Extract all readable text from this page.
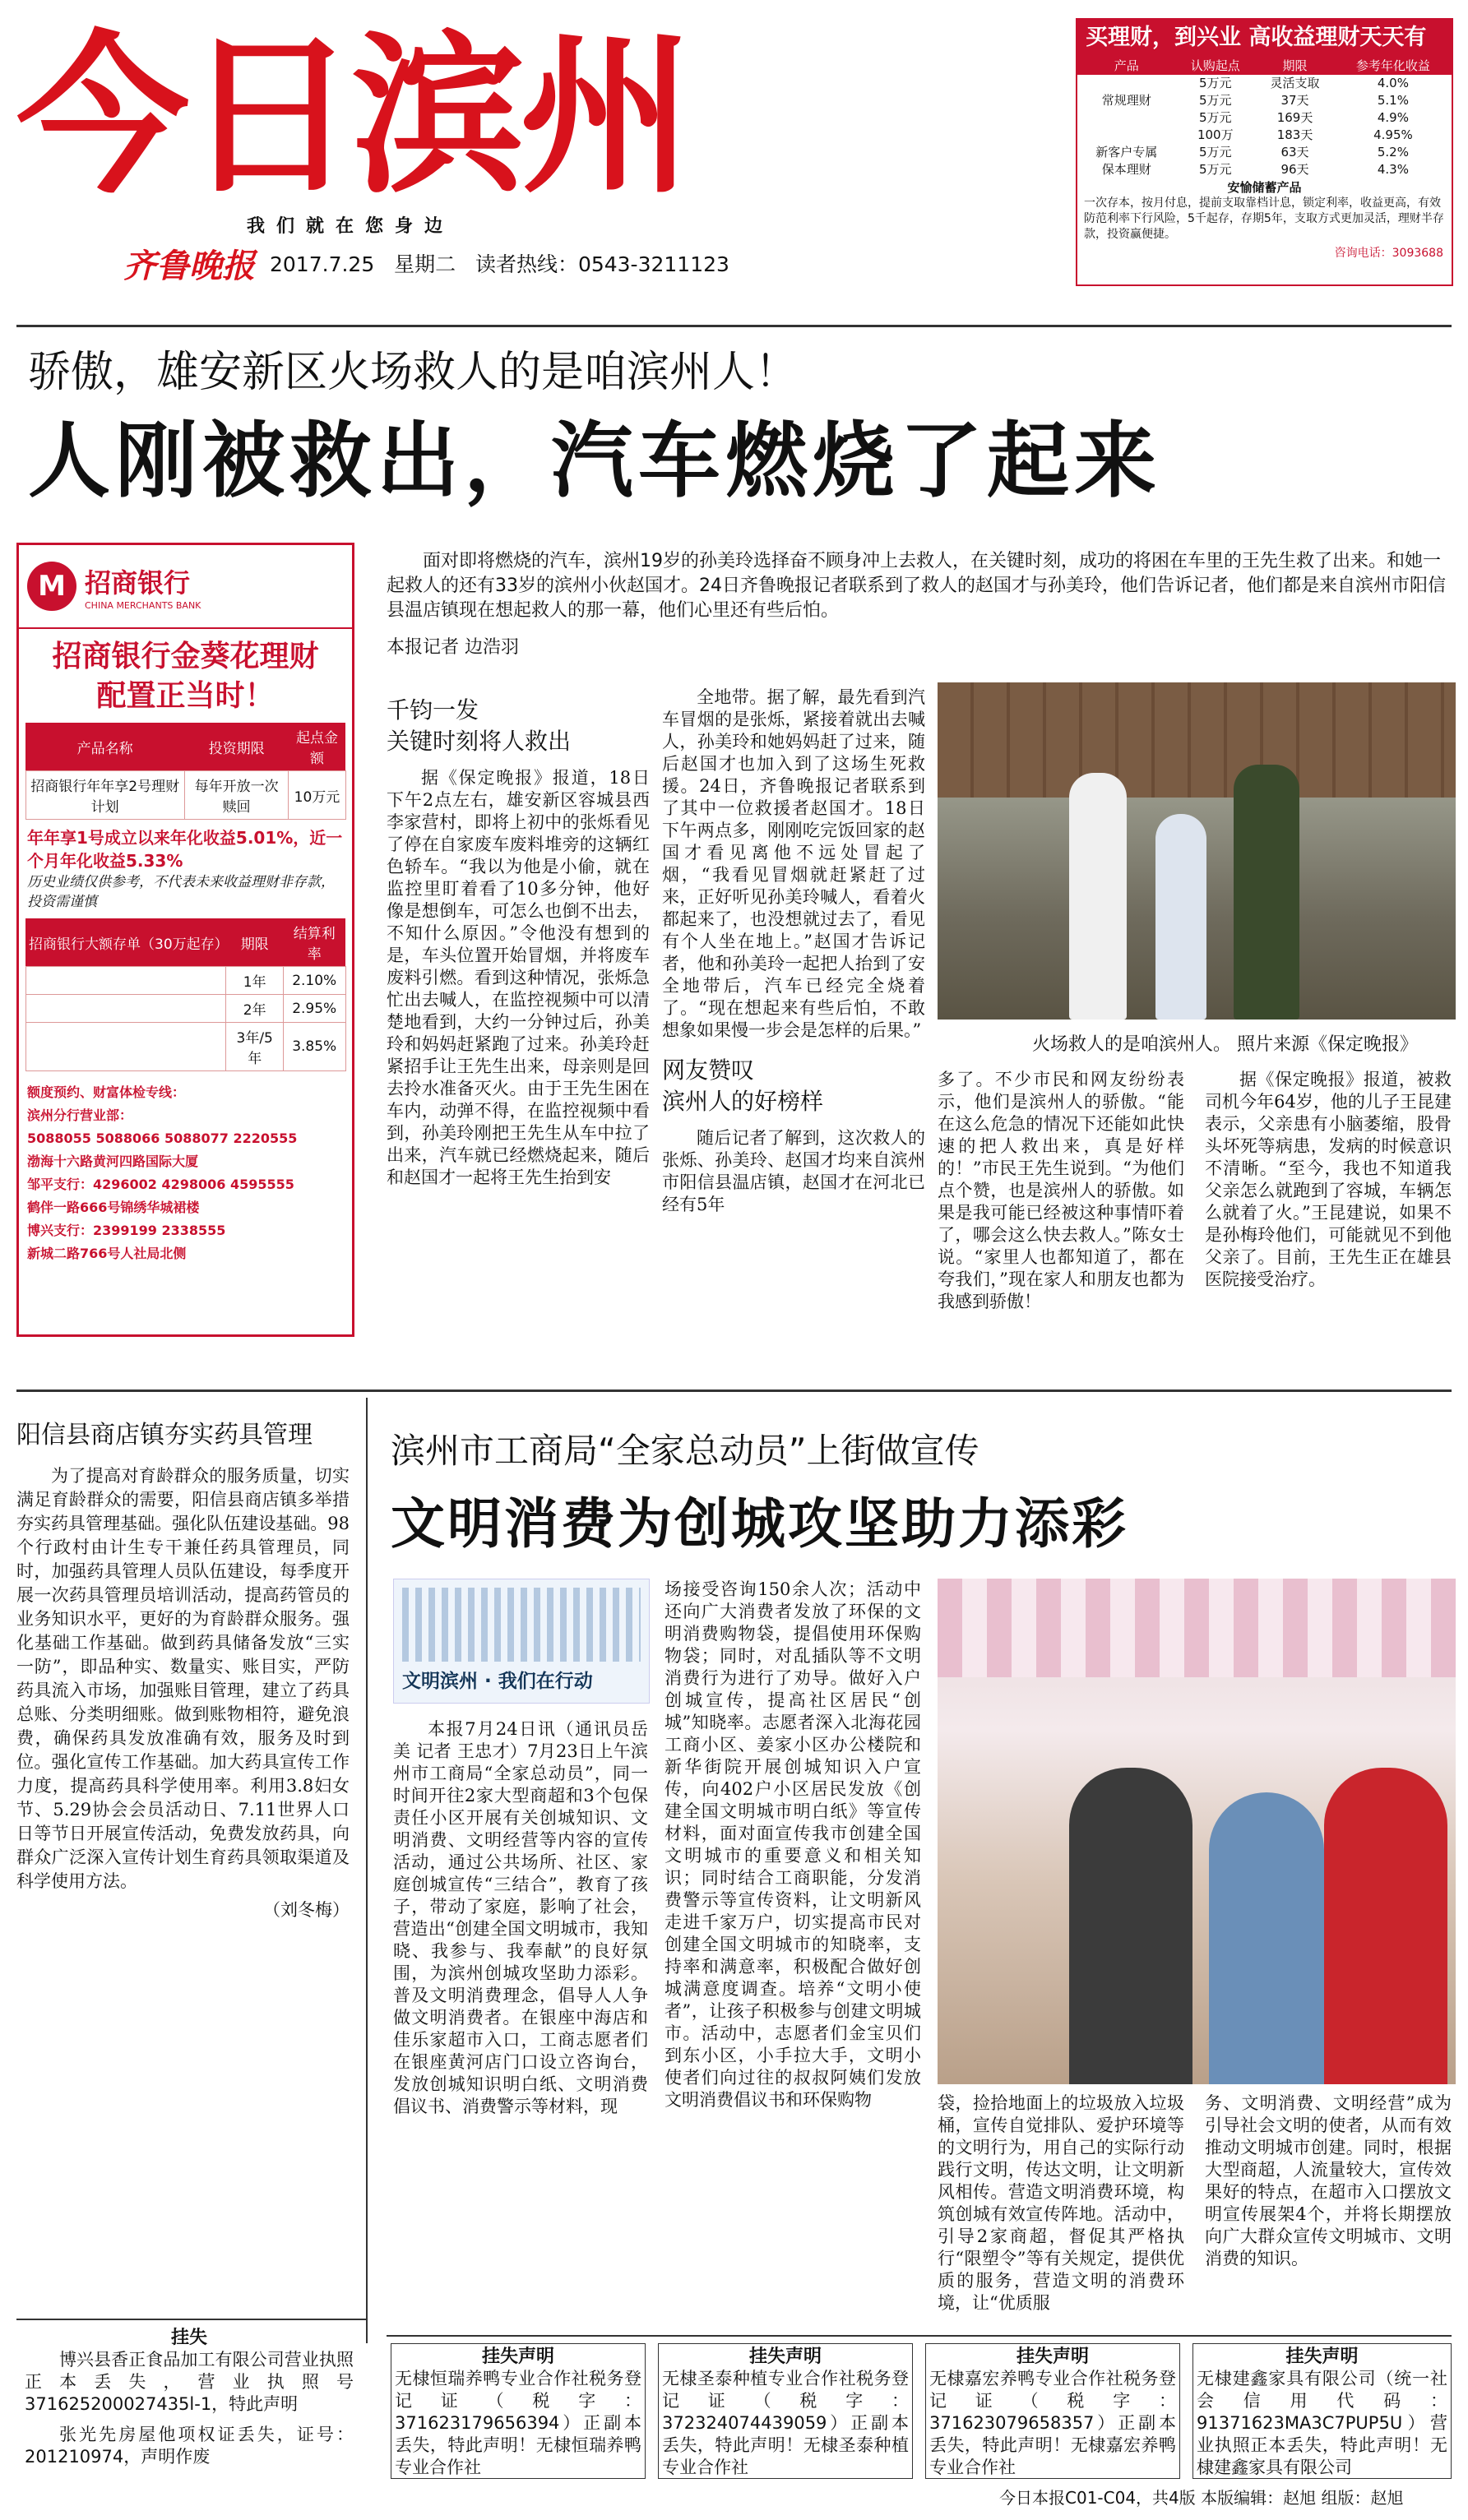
今日滨州
我们就在您身边
齐鲁晚报 2017.7.25 星期二 读者热线：0543-3211123
买理财，到兴业 高收益理财天天有
产品	认购起点	期限	参考年化收益
	5万元	灵活支取	4.0%
常规理财	5万元	37天	5.1%
	5万元	169天	4.9%
	100万	183天	4.95%
新客户专属	5万元	63天	5.2%
保本理财	5万元	96天	4.3%
安愉储蓄产品
一次存本，按月付息，提前支取靠档计息，锁定利率，收益更高，有效防范利率下行风险，5千起存，存期5年，支取方式更加灵活，理财半存款，投资赢便捷。
咨询电话：3093688
骄傲，雄安新区火场救人的是咱滨州人！
人刚被救出，汽车燃烧了起来
M 招商银行
CHINA MERCHANTS BANK
招商银行金葵花理财
配置正当时！
产品名称	投资期限	起点金额
招商银行年年享2号理财计划	每年开放一次赎回	10万元
年年享1号成立以来年化收益5.01%，近一个月年化收益5.33%
历史业绩仅供参考，不代表未来收益理财非存款，投资需谨慎
招商银行大额存单（30万起存）	期限	结算利率
	1年	2.10%
	2年	2.95%
	3年/5年	3.85%
额度预约、财富体检专线：
滨州分行营业部：
5088055 5088066 5088077 2220555
渤海十六路黄河四路国际大厦
邹平支行：4296002 4298006 4595555
鹤伴一路666号锦绣华城裙楼
博兴支行：2399199 2338555
新城二路766号人社局北侧
面对即将燃烧的汽车，滨州19岁的孙美玲选择奋不顾身冲上去救人，在关键时刻，成功的将困在车里的王先生救了出来。和她一起救人的还有33岁的滨州小伙赵国才。24日齐鲁晚报记者联系到了救人的赵国才与孙美玲，他们告诉记者，他们都是来自滨州市阳信县温店镇现在想起救人的那一幕，他们心里还有些后怕。
本报记者 边浩羽
千钧一发
关键时刻将人救出

据《保定晚报》报道，18日下午2点左右，雄安新区容城县西李家营村，即将上初中的张烁看见了停在自家废车废料堆旁的这辆红色轿车。“我以为他是小偷，就在监控里盯着看了10多分钟，他好像是想倒车，可怎么也倒不出去，不知什么原因。”令他没有想到的是，车头位置开始冒烟，并将废车废料引燃。看到这种情况，张烁急忙出去喊人，在监控视频中可以清楚地看到，大约一分钟过后，孙美玲和妈妈赶紧跑了过来。孙美玲赶紧招手让王先生出来，母亲则是回去拎水准备灭火。由于王先生困在车内，动弹不得，在监控视频中看到，孙美玲刚把王先生从车中拉了出来，汽车就已经燃烧起来，随后和赵国才一起将王先生抬到安

全地带。据了解，最先看到汽车冒烟的是张烁，紧接着就出去喊人，孙美玲和她妈妈赶了过来，随后赵国才也加入到了这场生死救援。24日，齐鲁晚报记者联系到了其中一位救援者赵国才。18日下午两点多，刚刚吃完饭回家的赵国才看见离他不远处冒起了烟，“我看见冒烟就赶紧赶了过来，正好听见孙美玲喊人，看着火都起来了，也没想就过去了，看见有个人坐在地上。”赵国才告诉记者，他和孙美玲一起把人抬到了安全地带后，汽车已经完全烧着了。“现在想起来有些后怕，不敢想象如果慢一步会是怎样的后果。”

网友赞叹
滨州人的好榜样

随后记者了解到，这次救人的张烁、孙美玲、赵国才均来自滨州市阳信县温店镇，赵国才在河北已经有5年

火场救人的是咱滨州人。 照片来源《保定晚报》

多了。不少市民和网友纷纷表示，他们是滨州人的骄傲。“能在这么危急的情况下还能如此快速的把人救出来，真是好样的！”市民王先生说到。“为他们点个赞，也是滨州人的骄傲。如果是我可能已经被这种事情吓着了，哪会这么快去救人。”陈女士说。“家里人也都知道了，都在夸我们，”现在家人和朋友也都为我感到骄傲！

据《保定晚报》报道，被救司机今年64岁，他的儿子王昆建表示，父亲患有小脑萎缩，股骨头坏死等病患，发病的时候意识不清晰。“至今，我也不知道我父亲怎么就跑到了容城，车辆怎么就着了火。”王昆建说，如果不是孙梅玲他们，可能就见不到他父亲了。目前，王先生正在雄县医院接受治疗。

阳信县商店镇夯实药具管理

为了提高对育龄群众的服务质量，切实满足育龄群众的需要，阳信县商店镇多举措夯实药具管理基础。强化队伍建设基础。98个行政村由计生专干兼任药具管理员，同时，加强药具管理人员队伍建设，每季度开展一次药具管理员培训活动，提高药管员的业务知识水平，更好的为育龄群众服务。强化基础工作基础。做到药具储备发放“三实一防”，即品种实、数量实、账目实，严防药具流入市场，加强账目管理，建立了药具总账、分类明细账。做到账物相符，避免浪费，确保药具发放准确有效，服务及时到位。强化宣传工作基础。加大药具宣传工作力度，提高药具科学使用率。利用3.8妇女节、5.29协会会员活动日、7.11世界人口日等节日开展宣传活动，免费发放药具，向群众广泛深入宣传计划生育药具领取渠道及科学使用方法。

（刘冬梅）
滨州市工商局“全家总动员”上街做宣传
文明消费为创城攻坚助力添彩
文明滨州 · 我们在行动

本报7月24日讯（通讯员岳美 记者 王忠才）7月23日上午滨州市工商局“全家总动员”，同一时间开往2家大型商超和3个包保责任小区开展有关创城知识、文明消费、文明经营等内容的宣传活动，通过公共场所、社区、家庭创城宣传“三结合”，教育了孩子，带动了家庭，影响了社会，营造出“创建全国文明城市，我知晓、我参与、我奉献”的良好氛围，为滨州创城攻坚助力添彩。普及文明消费理念，倡导人人争做文明消费者。在银座中海店和佳乐家超市入口，工商志愿者们在银座黄河店门口设立咨询台，发放创城知识明白纸、文明消费倡议书、消费警示等材料，现

场接受咨询150余人次；活动中还向广大消费者发放了环保的文明消费购物袋，提倡使用环保购物袋；同时，对乱插队等不文明消费行为进行了劝导。做好入户创城宣传，提高社区居民“创城”知晓率。志愿者深入北海花园工商小区、姜家小区办公楼院和新华街院开展创城知识入户宣传，向402户小区居民发放《创建全国文明城市明白纸》等宣传材料，面对面宣传我市创建全国文明城市的重要意义和相关知识；同时结合工商职能，分发消费警示等宣传资料，让文明新风走进千家万户，切实提高市民对创建全国文明城市的知晓率，支持率和满意率，积极配合做好创城满意度调查。培养“文明小使者”，让孩子积极参与创建文明城市。活动中，志愿者们金宝贝们到东小区，小手拉大手，文明小使者们向过往的叔叔阿姨们发放文明消费倡议书和环保购物	袋，捡拾地面上的垃圾放入垃圾桶，宣传自觉排队、爱护环境等的文明行为，用自己的实际行动践行文明，传达文明，让文明新风相传。营造文明消费环境，构筑创城有效宣传阵地。活动中，引导2家商超，督促其严格执行“限塑令”等有关规定，提供优质的服务，营造文明的消费环境，让“优质服

务、文明消费、文明经营”成为引导社会文明的使者，从而有效推动文明城市创建。同时，根据大型商超，人流量较大，宣传效果好的特点，在超市入口摆放文明宣传展架4个，并将长期摆放向广大群众宣传文明城市、文明消费的知识。

挂失
博兴县香正食品加工有限公司营业执照正本丢失，营业执照号371625200027435l-1，特此声明
张光先房屋他项权证丢失，证号：201210974，声明作废
挂失声明
无棣恒瑞养鸭专业合作社税务登记证（税字：371623179656394）正副本丢失，特此声明！无棣恒瑞养鸭专业合作社
挂失声明
无棣圣泰种植专业合作社税务登记证（税字：372324074439059）正副本丢失，特此声明！无棣圣泰种植专业合作社
挂失声明
无棣嘉宏养鸭专业合作社税务登记证（税字：371623079658357）正副本丢失，特此声明！无棣嘉宏养鸭专业合作社
挂失声明
无棣建鑫家具有限公司（统一社会信用代码：91371623MA3C7PUP5U）营业执照正本丢失，特此声明！无棣建鑫家具有限公司
今日本报C01-C04，共4版 本版编辑：赵旭 组版：赵旭
